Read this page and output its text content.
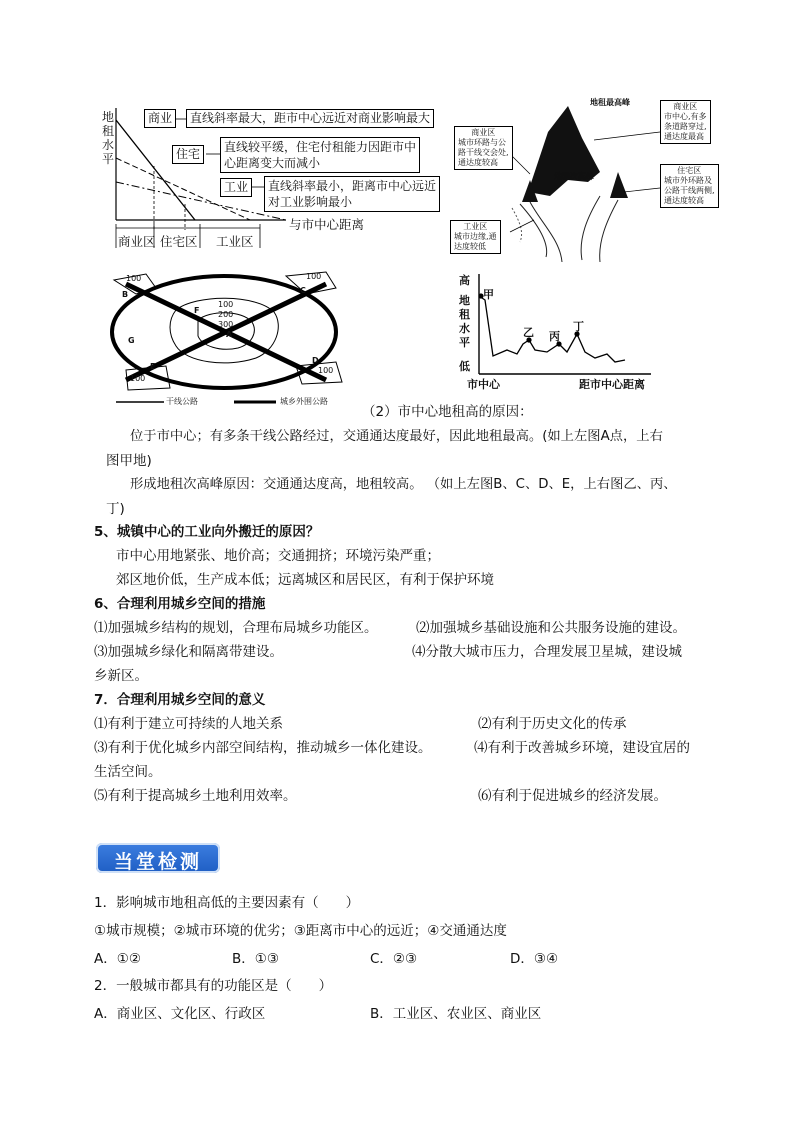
地租水平
商业	直线斜率最大，距市中心远近对商业影响最大
住宅	直线较平缓，住宅付租能力因距市中
心距离变大而减小
工业	直线斜率最小，距离市中心远近
对工业影响最小
与市中心距离
商业区 住宅区 工业区
地租最高峰
地租次高峰
商业区
城市环路与公
路干线交会处,
通达度较高
商业区
市中心,有多
条道路穿过,
通达度最高
住宅区
城市外环路及
公路干线两侧,
通达度较高
工业区
城市边缘,通
达度较低
100	100
100
100
100
200
300
F
G
A
B	C
D
E
干线公路	城乡外围公路
高
地租水平
低
市中心	距市中心距离
甲
乙 丙
丁
（2）市中心地租高的原因：
位于市中心；有多条干线公路经过，交通通达度最好，因此地租最高。(如上左图A点，上右
图甲地)
形成地租次高峰原因：交通通达度高，地租较高。 （如上左图B、C、D、E，上右图乙、丙、
丁)
5、城镇中心的工业向外搬迁的原因？
市中心用地紧张、地价高；交通拥挤；环境污染严重；
郊区地价低，生产成本低；远离城区和居民区，有利于保护环境
6、合理利用城乡空间的措施
⑴加强城乡结构的规划，合理布局城乡功能区。	⑵加强城乡基础设施和公共服务设施的建设。
⑶加强城乡绿化和隔离带建设。	⑷分散大城市压力，合理发展卫星城，建设城
乡新区。
7．合理利用城乡空间的意义
⑴有利于建立可持续的人地关系	⑵有利于历史文化的传承
⑶有利于优化城乡内部空间结构，推动城乡一体化建设。	⑷有利于改善城乡环境，建设宜居的
生活空间。
⑸有利于提高城乡土地利用效率。	⑹有利于促进城乡的经济发展。
当堂检测
1．影响城市地租高低的主要因素有（　　）
①城市规模；②城市环境的优劣；③距离市中心的远近；④交通通达度
A．①②	B．①③	C．②③	D．③④
2．一般城市都具有的功能区是（　　）
A．商业区、文化区、行政区	B．工业区、农业区、商业区
